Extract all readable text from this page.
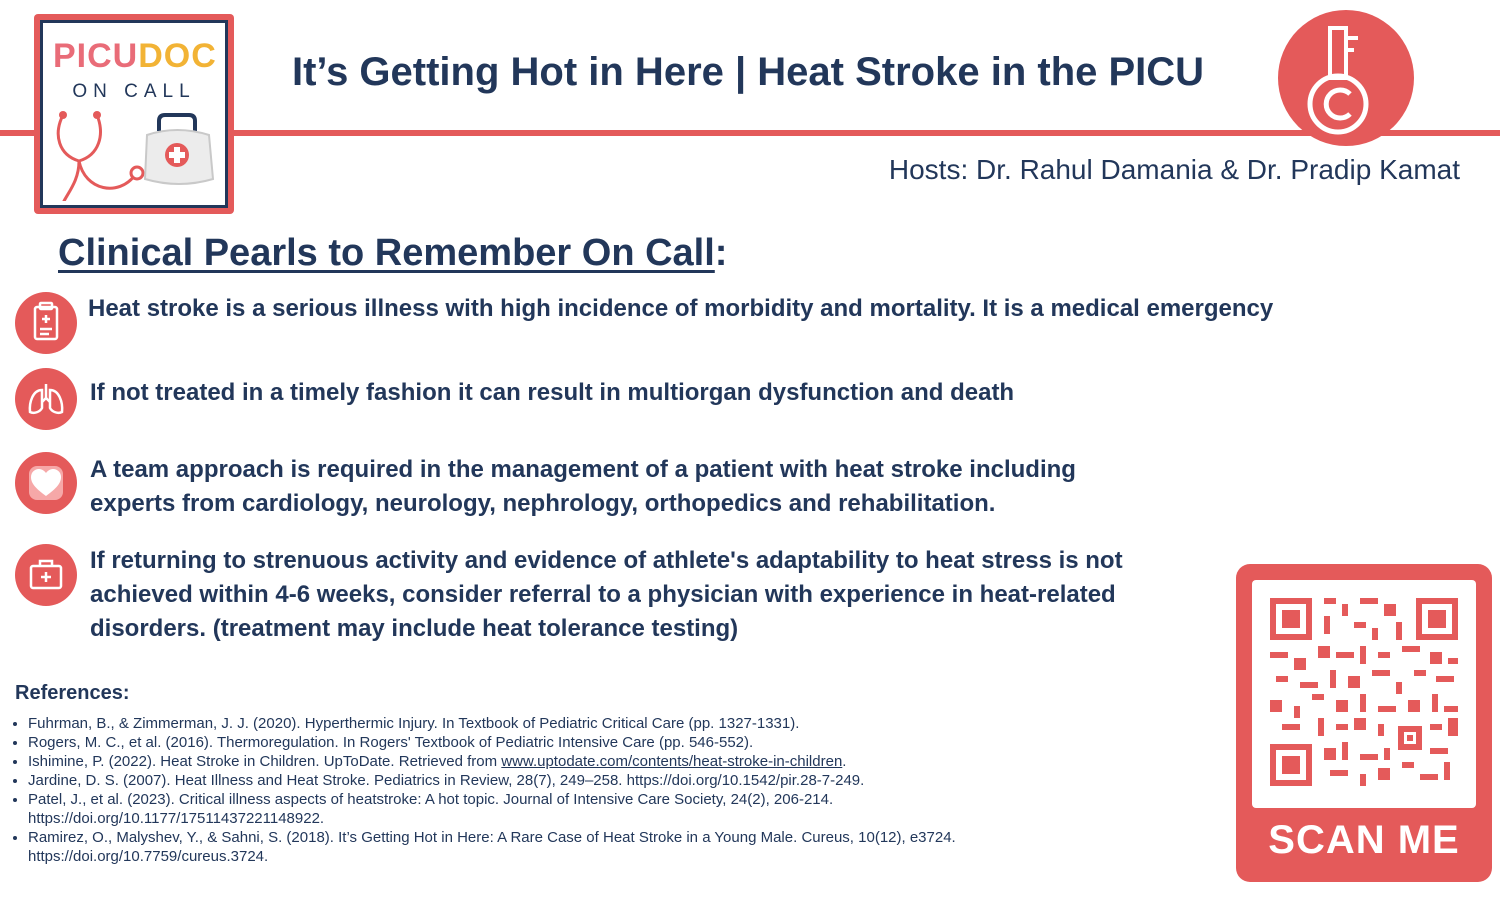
PICUDOC
ON CALL	It’s Getting Hot in Here | Heat Stroke in the PICU
Hosts: Dr. Rahul Damania & Dr. Pradip Kamat
Clinical Pearls to Remember On Call:
Heat stroke is a serious illness with high incidence of morbidity and mortality. It is a medical emergency
If not treated in a timely fashion it can result in multiorgan dysfunction and death
A team approach is required in the management of a patient with heat stroke including
experts from cardiology, neurology, nephrology, orthopedics and rehabilitation.
If returning to strenuous activity and evidence of athlete's adaptability to heat stress is not
achieved within 4-6 weeks, consider referral to a physician with experience in heat-related
disorders. (treatment may include heat tolerance testing)
References:
• Fuhrman, B., & Zimmerman, J. J. (2020). Hyperthermic Injury. In Textbook of Pediatric Critical Care (pp. 1327-1331).
• Rogers, M. C., et al. (2016). Thermoregulation. In Rogers' Textbook of Pediatric Intensive Care (pp. 546-552).
• Ishimine, P. (2022). Heat Stroke in Children. UpToDate. Retrieved from www.uptodate.com/contents/heat-stroke-in-children.
• Jardine, D. S. (2007). Heat Illness and Heat Stroke. Pediatrics in Review, 28(7), 249–258. https://doi.org/10.1542/pir.28-7-249.
• Patel, J., et al. (2023). Critical illness aspects of heatstroke: A hot topic. Journal of Intensive Care Society, 24(2), 206-214. https://doi.org/10.1177/17511437221148922.
• Ramirez, O., Malyshev, Y., & Sahni, S. (2018). It’s Getting Hot in Here: A Rare Case of Heat Stroke in a Young Male. Cureus, 10(12), e3724. https://doi.org/10.7759/cureus.3724.	SCAN ME
